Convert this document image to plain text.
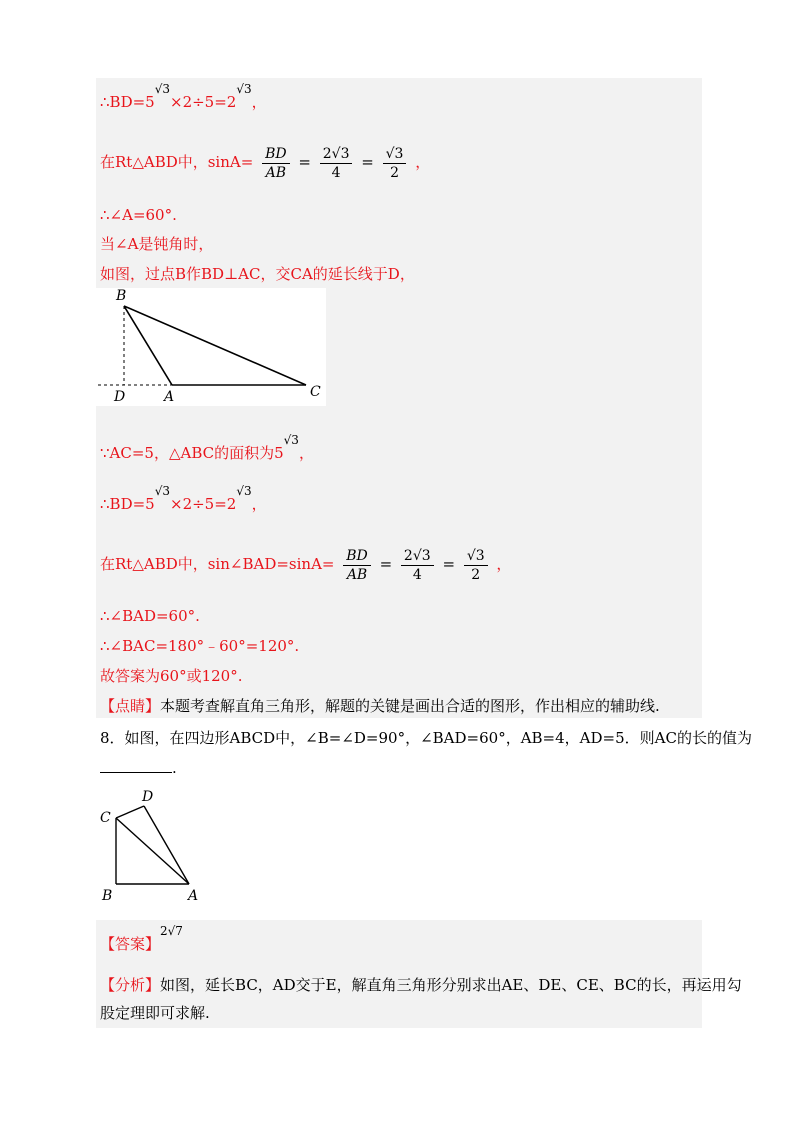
$\therefore BD=5^{√3}\times 2\div 5=2^{√3}$，
在Rt△ABD中，$\sin A= \frac{BD}{AB} = \frac{2√3}{4} = \frac{√3}{2}$ ，
∴∠A=60°.
当∠A是钝角时，
如图，过点B作BD⊥AC，交CA的延长线于D，
B
D	A	C
∵AC=5，△ABC的面积为$5^{√3}$，
$\therefore BD=5^{√3}\times 2\div 5=2^{√3}$，
在Rt△ABD中，sin∠BAD=sinA= $\frac{BD}{AB} = \frac{2√3}{4} = \frac{√3}{2}$ ，
∴∠BAD=60°.
∴∠BAC=180°﹣60°=120°.
故答案为60°或120°.
【点睛】本题考查解直角三角形，解题的关键是画出合适的图形，作出相应的辅助线.
8．如图，在四边形ABCD中，∠B=∠D=90°，∠BAD=60°，AB=4，AD=5．则AC的长的值为
.
D
C
B	A
【答案】$^{2√7}$
【分析】如图，延长BC，AD交于E，解直角三角形分别求出AE、DE、CE、BC的长，再运用勾
股定理即可求解.
